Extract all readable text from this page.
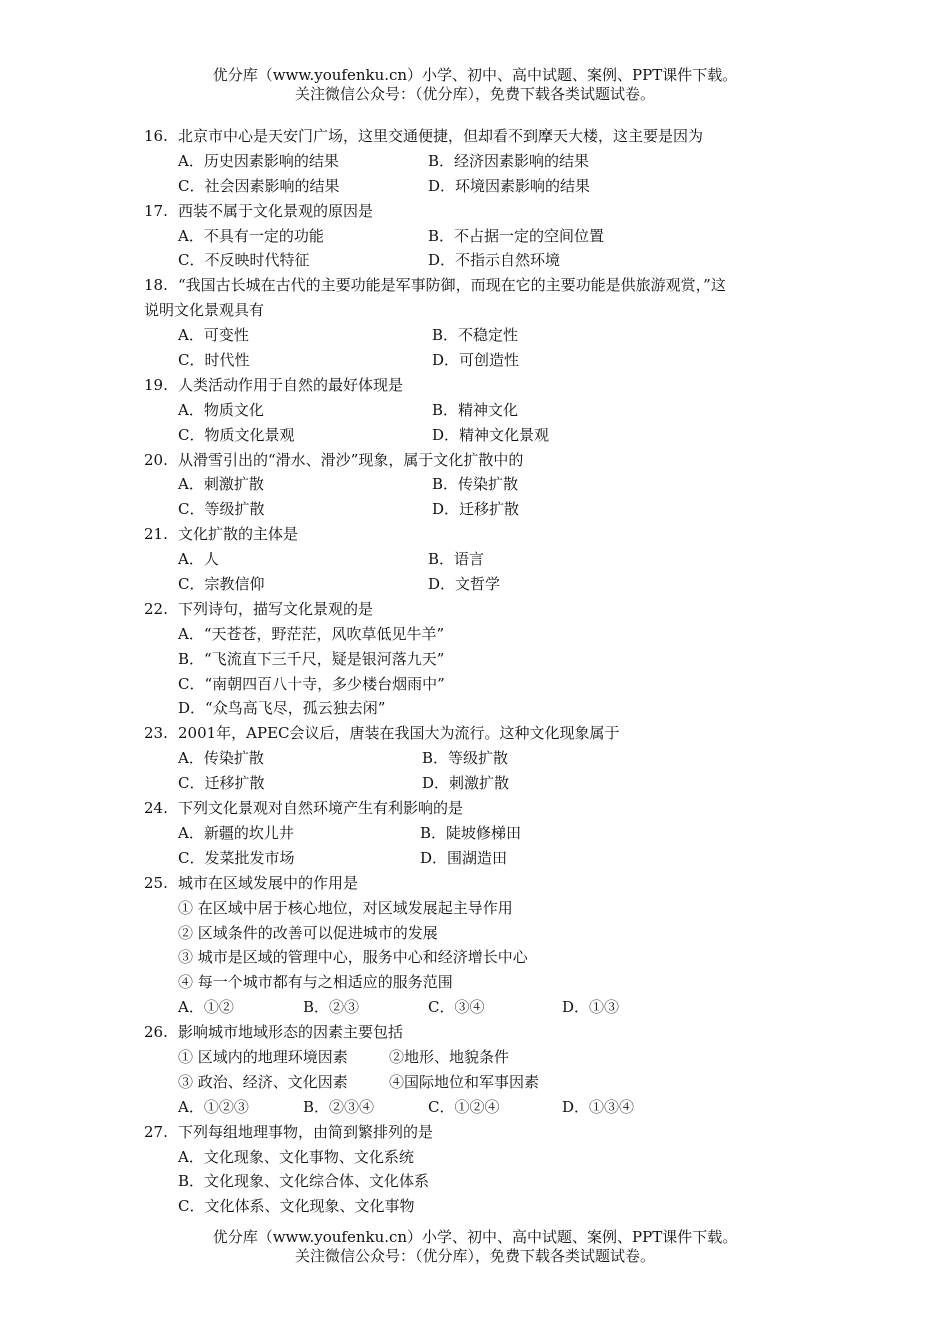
优分库（www.youfenku.cn）小学、初中、高中试题、案例、PPT课件下载。
关注微信公众号：（优分库），免费下载各类试题试卷。
16. 北京市中心是天安门广场，这里交通便捷，但却看不到摩天大楼，这主要是因为
A．历史因素影响的结果	B．经济因素影响的结果
C．社会因素影响的结果	D．环境因素影响的结果
17. 西装不属于文化景观的原因是
A．不具有一定的功能	B．不占据一定的空间位置
C．不反映时代特征	D．不指示自然环境
18. “我国古长城在古代的主要功能是军事防御，而现在它的主要功能是供旅游观赏，”这
说明文化景观具有
A．可变性	B．不稳定性
C．时代性	D．可创造性
19. 人类活动作用于自然的最好体现是
A．物质文化	B．精神文化
C．物质文化景观	D．精神文化景观
20. 从滑雪引出的“滑水、滑沙”现象，属于文化扩散中的
A．刺激扩散	B．传染扩散
C．等级扩散	D．迁移扩散
21. 文化扩散的主体是
A．人	B．语言
C．宗教信仰	D．文哲学
22. 下列诗句，描写文化景观的是
A．“天苍苍，野茫茫，风吹草低见牛羊”
B．“飞流直下三千尺，疑是银河落九天”
C．“南朝四百八十寺，多少楼台烟雨中”
D．“众鸟高飞尽，孤云独去闲”
23. 2001年，APEC会议后，唐装在我国大为流行。这种文化现象属于
A．传染扩散	B．等级扩散
C．迁移扩散	D．刺激扩散
24. 下列文化景观对自然环境产生有利影响的是
A．新疆的坎儿井	B．陡坡修梯田
C．发菜批发市场	D．围湖造田
25. 城市在区域发展中的作用是
① 在区域中居于核心地位，对区域发展起主导作用
② 区域条件的改善可以促进城市的发展
③ 城市是区域的管理中心，服务中心和经济增长中心
④ 每一个城市都有与之相适应的服务范围
A．①②	B．②③	C．③④	D．①③
26. 影响城市地域形态的因素主要包括
① 区域内的地理环境因素	②地形、地貌条件
③ 政治、经济、文化因素	④国际地位和军事因素
A．①②③	B．②③④	C．①②④	D．①③④
27. 下列每组地理事物，由简到繁排列的是
A．文化现象、文化事物、文化系统
B．文化现象、文化综合体、文化体系
C．文化体系、文化现象、文化事物
优分库（www.youfenku.cn）小学、初中、高中试题、案例、PPT课件下载。
关注微信公众号：（优分库），免费下载各类试题试卷。
